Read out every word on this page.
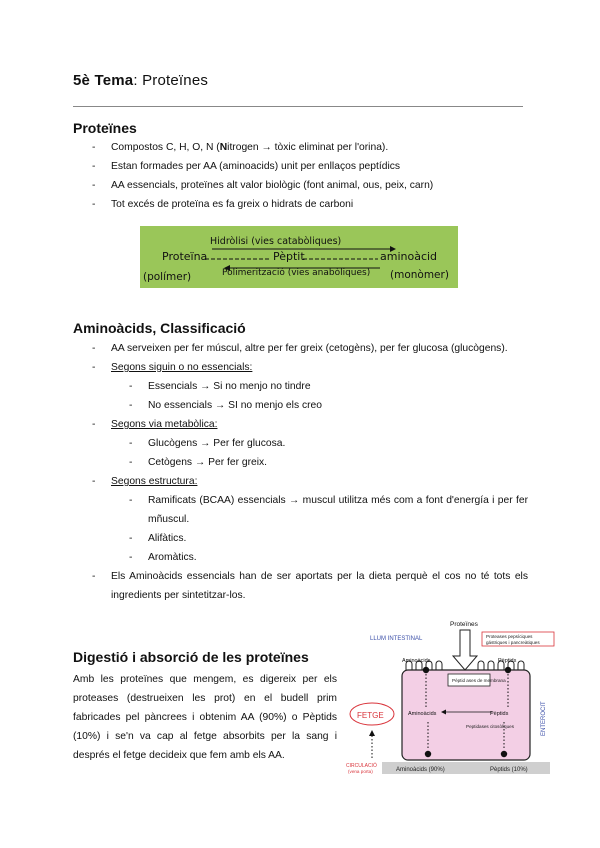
5è Tema: Proteïnes
Proteïnes
- Compostos C, H, O, N (Nitrogen → tòxic eliminat per l'orina).
- Estan formades per AA (aminoacids) unit per enllaços peptídics
- AA essencials, proteïnes alt valor biològic (font animal, ous, peix, carn)
- Tot excés de proteïna es fa greix o hidrats de carboni
Hidròlisi (vies catabòliques)
Proteïna	Pèptit	aminoàcid
Polimerització (vies anabòliques)
(polímer)	(monòmer)
Aminoàcids, Classificació
- AA serveixen per fer múscul, altre per fer greix (cetogèns), per fer glucosa (glucògens).
- Segons siguin o no essencials:
- Essencials → Si no menjo no tindre
- No essencials → SI no menjo els creo
- Segons via metabòlica:
- Glucògens → Per fer glucosa.
- Cetògens → Per fer greix.
- Segons estructura:
- Ramificats (BCAA) essencials → muscul utilitza més com a font d'energía i per fer mñuscul.
- Alifàtics.
- Aromàtics.
- Els Aminoàcids essencials han de ser aportats per la dieta perquè el cos no té tots els ingredients per sintetitzar-los.
Digestió i absorció de les proteïnes
Amb les proteïnes que mengem, es digereix per els proteases (destrueixen les prot) en el budell prim fabricades pel pàncrees i obtenim AA (90%) o Pèptids (10%) i se'n va cap al fetge absorbits per la sang i després el fetge decideix que fem amb els AA.
Aminoàcids (90%)	Pèptids (10%)
Proteïnes
LLUM INTESTINAL	Proteases pepsíciques
gástriques i pancreàtiques
Aminoàcids	Pèptids
Pèptid ases de membrana
Aminoàcids	Pèptids
Peptidases citosòliques
FETGE
CIRCULACIÓ
(vena porta)
ENTEROCIT
